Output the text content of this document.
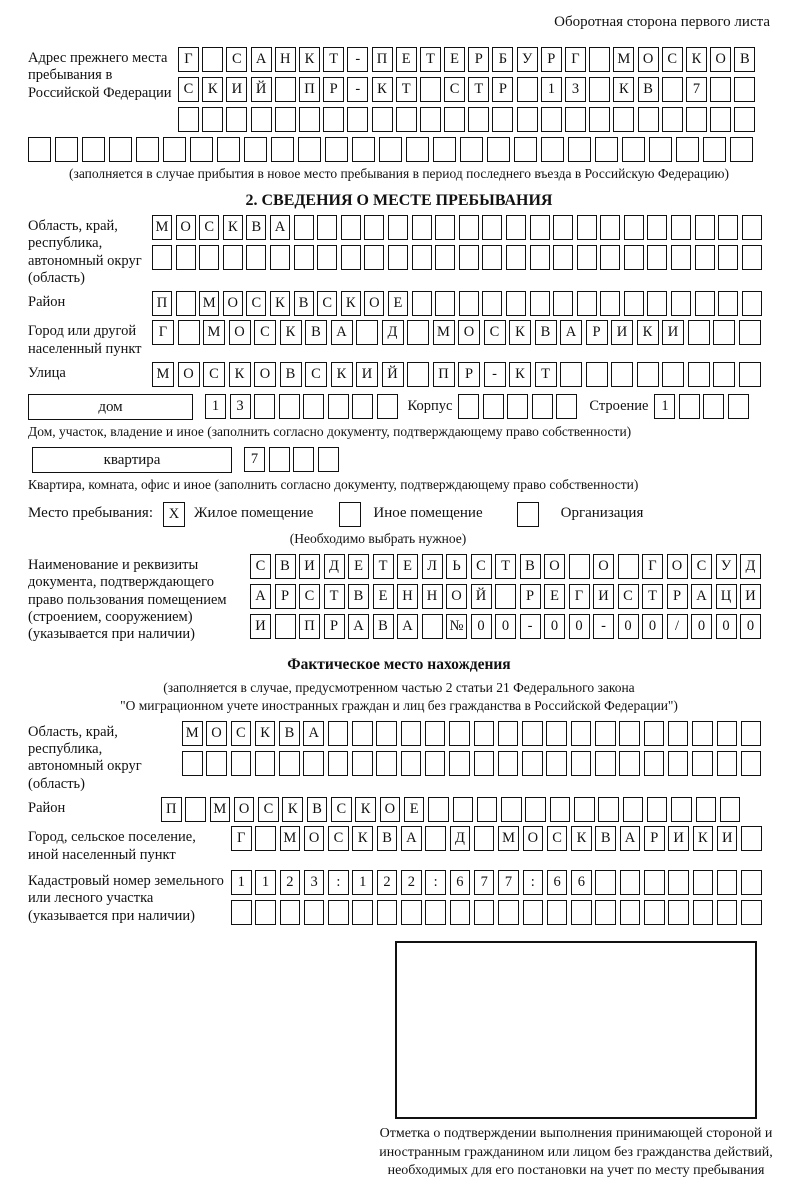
Оборотная сторона первого листа
Адрес прежнего места пребывания в Российской Федерации
Г	С А Н К	Т	-	П	Е	Т	Е	Р	Б	У	Р	Г	М О С	К О В
С	К И Й	П	Р	-	К	Т	С	Т	Р	1	3	К	В	7
(заполняется в случае прибытия в новое место пребывания в период последнего въезда в Российскую Федерацию)
2. СВЕДЕНИЯ О МЕСТЕ ПРЕБЫВАНИЯ
Область, край, республика, автономный округ (область)
М О С К В А
Район	П	М О С К В С К О Е
Город или другой населенный пункт
Г	М О	С	К	В	А	Д	М О	С	К	В	А	Р	И	К	И
Улица	М О	С	К	О	В	С	К	И	Й	П	Р	-	К	Т
дом	1	3	Корпус	Строение 1
Дом, участок, владение и иное (заполнить согласно документу, подтверждающему право собственности)
квартира	7
Квартира, комната, офис и иное (заполнить согласно документу, подтверждающему право собственности)
Место пребывания:	X Жилое помещение	Иное помещение	Организация
(Необходимо выбрать нужное)
Наименование и реквизиты документа, подтверждающего право пользования помещением (строением, сооружением) (указывается при наличии)
С	В И Д	Е	Т	Е	Л	Ь	С	Т	В О	О	Г	О С	У Д
А	Р	С	Т	В	Е	Н Н О Й	Р	Е	Г	И С	Т	Р	А Ц И
И	П	Р	А В А	№ 0	0	-	0	0	-	0	0	/	0	0	0
Фактическое место нахождения
(заполняется в случае, предусмотренном частью 2 статьи 21 Федерального закона
"О миграционном учете иностранных граждан и лиц без гражданства в Российской Федерации")
Область, край, республика, автономный округ (область)
М О С	К	В А
Район	П	М О С	К	В	С	К О	Е
Город, сельское поселение, иной населенный пункт
Г	М О С	К	В А	Д	М О С	К	В А	Р	И К И
Кадастровый номер земельного или лесного участка (указывается при наличии)
1	1	2	3	:	1	2	2	:	6	7	7	:	6	6
Отметка о подтверждении выполнения принимающей стороной и иностранным гражданином или лицом без гражданства действий, необходимых для его постановки на учет по месту пребывания
